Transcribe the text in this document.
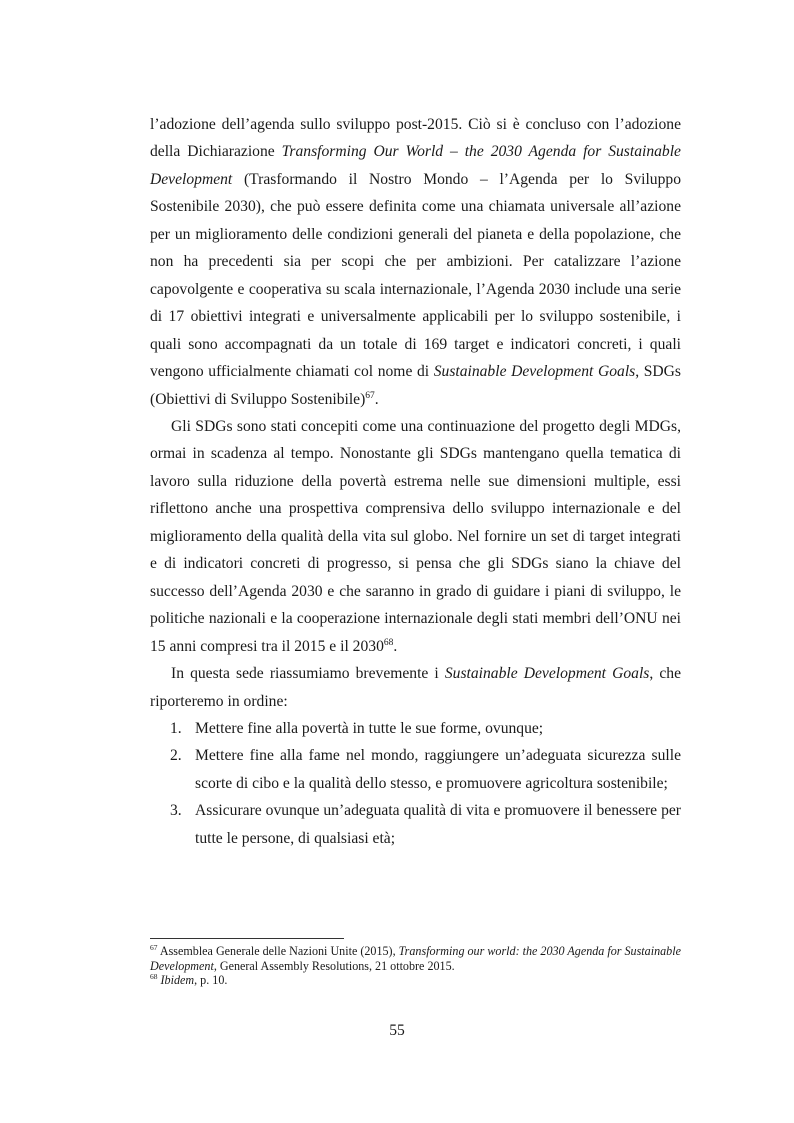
l’adozione dell’agenda sullo sviluppo post-2015. Ciò si è concluso con l’adozione della Dichiarazione Transforming Our World – the 2030 Agenda for Sustainable Development (Trasformando il Nostro Mondo – l’Agenda per lo Sviluppo Sostenibile 2030), che può essere definita come una chiamata universale all’azione per un miglioramento delle condizioni generali del pianeta e della popolazione, che non ha precedenti sia per scopi che per ambizioni. Per catalizzare l’azione capovolgente e cooperativa su scala internazionale, l’Agenda 2030 include una serie di 17 obiettivi integrati e universalmente applicabili per lo sviluppo sostenibile, i quali sono accompagnati da un totale di 169 target e indicatori concreti, i quali vengono ufficialmente chiamati col nome di Sustainable Development Goals, SDGs (Obiettivi di Sviluppo Sostenibile)$^{67}$.

Gli SDGs sono stati concepiti come una continuazione del progetto degli MDGs, ormai in scadenza al tempo. Nonostante gli SDGs mantengano quella tematica di lavoro sulla riduzione della povertà estrema nelle sue dimensioni multiple, essi riflettono anche una prospettiva comprensiva dello sviluppo internazionale e del miglioramento della qualità della vita sul globo. Nel fornire un set di target integrati e di indicatori concreti di progresso, si pensa che gli SDGs siano la chiave del successo dell’Agenda 2030 e che saranno in grado di guidare i piani di sviluppo, le politiche nazionali e la cooperazione internazionale degli stati membri dell’ONU nei 15 anni compresi tra il 2015 e il 2030$^{68}$.

In questa sede riassumiamo brevemente i Sustainable Development Goals, che riporteremo in ordine:

1. Mettere fine alla povertà in tutte le sue forme, ovunque;
2. Mettere fine alla fame nel mondo, raggiungere un’adeguata sicurezza sulle scorte di cibo e la qualità dello stesso, e promuovere agricoltura sostenibile;
3. Assicurare ovunque un’adeguata qualità di vita e promuovere il benessere per tutte le persone, di qualsiasi età;

$^{67}$ Assemblea Generale delle Nazioni Unite (2015), Transforming our world: the 2030 Agenda for Sustainable Development, General Assembly Resolutions, 21 ottobre 2015.

$^{68}$ Ibidem, p. 10.

55
